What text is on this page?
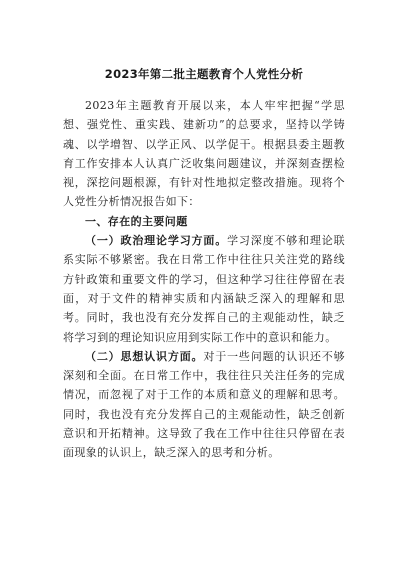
2023年第二批主题教育个人党性分析

2023年主题教育开展以来，本人牢牢把握“学思想、强党性、重实践、建新功”的总要求，坚持以学铸魂、以学增智、以学正风、以学促干。根据县委主题教育工作安排本人认真广泛收集问题建议，并深刻查摆检视，深挖问题根源，有针对性地拟定整改措施。现将个人党性分析情况报告如下：

一、存在的主要问题

（一）政治理论学习方面。学习深度不够和理论联系实际不够紧密。我在日常工作中往往只关注党的路线方针政策和重要文件的学习，但这种学习往往停留在表面，对于文件的精神实质和内涵缺乏深入的理解和思考。同时，我也没有充分发挥自己的主观能动性，缺乏将学习到的理论知识应用到实际工作中的意识和能力。

（二）思想认识方面。对于一些问题的认识还不够深刻和全面。在日常工作中，我往往只关注任务的完成情况，而忽视了对于工作的本质和意义的理解和思考。同时，我也没有充分发挥自己的主观能动性，缺乏创新意识和开拓精神。这导致了我在工作中往往只停留在表面现象的认识上，缺乏深入的思考和分析。
